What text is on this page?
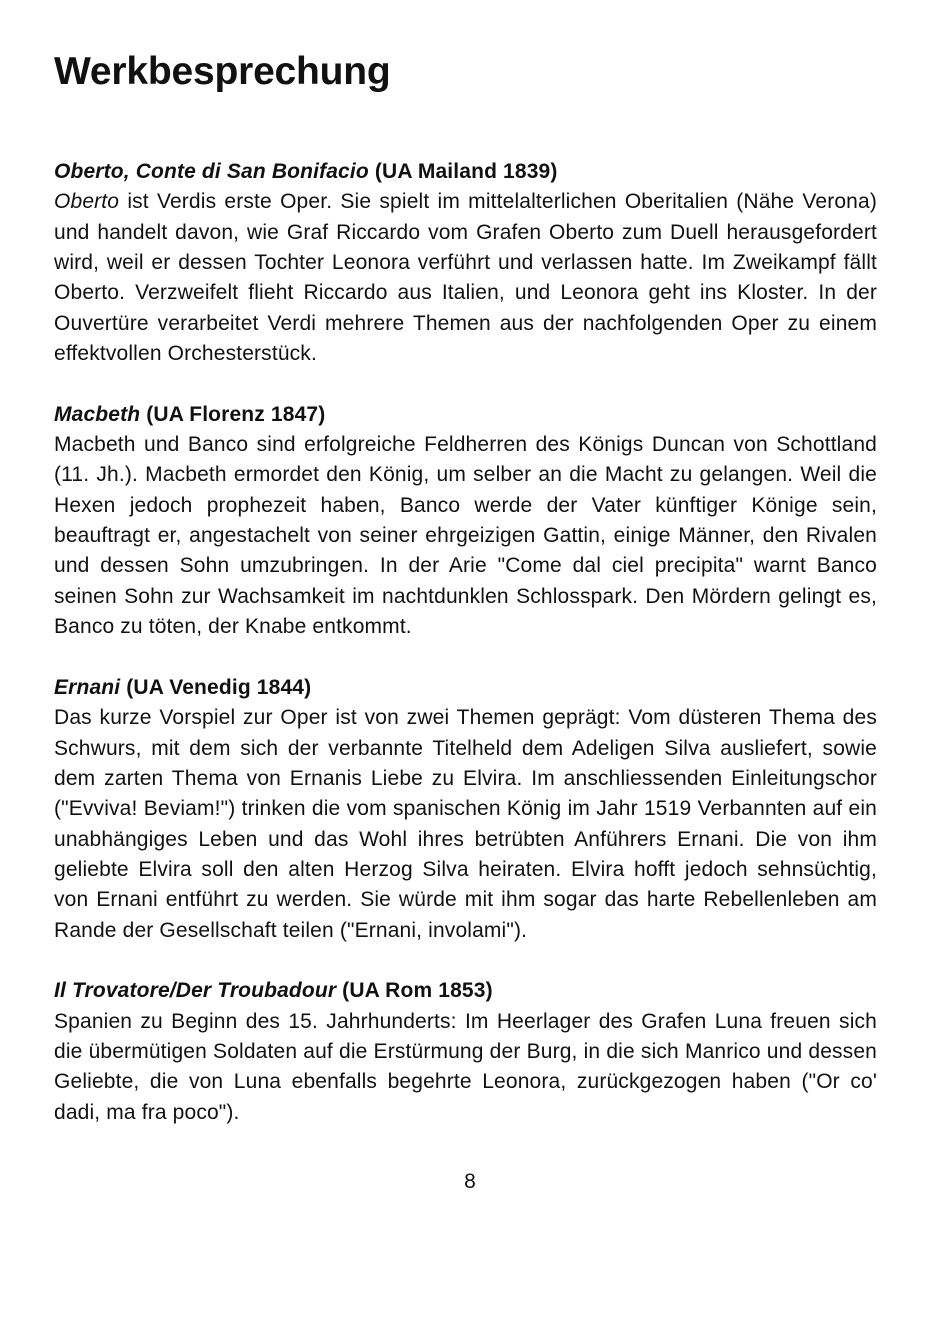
Werkbesprechung
Oberto, Conte di San Bonifacio (UA Mailand 1839)
Oberto ist Verdis erste Oper. Sie spielt im mittelalterlichen Oberitalien (Nähe Verona) und handelt davon, wie Graf Riccardo vom Grafen Oberto zum Duell herausgefordert wird, weil er dessen Tochter Leonora verführt und verlassen hatte. Im Zweikampf fällt Oberto. Verzweifelt flieht Riccardo aus Italien, und Leonora geht ins Kloster. In der Ouvertüre verarbeitet Verdi mehrere Themen aus der nachfolgenden Oper zu einem effektvollen Orchesterstück.
Macbeth (UA Florenz 1847)
Macbeth und Banco sind erfolgreiche Feldherren des Königs Duncan von Schottland (11. Jh.). Macbeth ermordet den König, um selber an die Macht zu gelangen. Weil die Hexen jedoch prophezeit haben, Banco werde der Vater künftiger Könige sein, beauftragt er, angestachelt von seiner ehrgeizigen Gattin, einige Männer, den Rivalen und dessen Sohn umzubringen. In der Arie "Come dal ciel precipita" warnt Banco seinen Sohn zur Wachsamkeit im nachtdunklen Schlosspark. Den Mördern gelingt es, Banco zu töten, der Knabe entkommt.
Ernani (UA Venedig 1844)
Das kurze Vorspiel zur Oper ist von zwei Themen geprägt: Vom düsteren Thema des Schwurs, mit dem sich der verbannte Titelheld dem Adeligen Silva ausliefert, sowie dem zarten Thema von Ernanis Liebe zu Elvira. Im anschliessenden Einleitungschor ("Evviva! Beviam!") trinken die vom spanischen König im Jahr 1519 Verbannten auf ein unabhängiges Leben und das Wohl ihres betrübten Anführers Ernani. Die von ihm geliebte Elvira soll den alten Herzog Silva heiraten. Elvira hofft jedoch sehnsüchtig, von Ernani entführt zu werden. Sie würde mit ihm sogar das harte Rebellenleben am Rande der Gesellschaft teilen ("Ernani, involami").
Il Trovatore/Der Troubadour (UA Rom 1853)
Spanien zu Beginn des 15. Jahrhunderts: Im Heerlager des Grafen Luna freuen sich die übermütigen Soldaten auf die Erstürmung der Burg, in die sich Manrico und dessen Geliebte, die von Luna ebenfalls begehrte Leonora, zurückgezogen haben ("Or co' dadi, ma fra poco").
8
